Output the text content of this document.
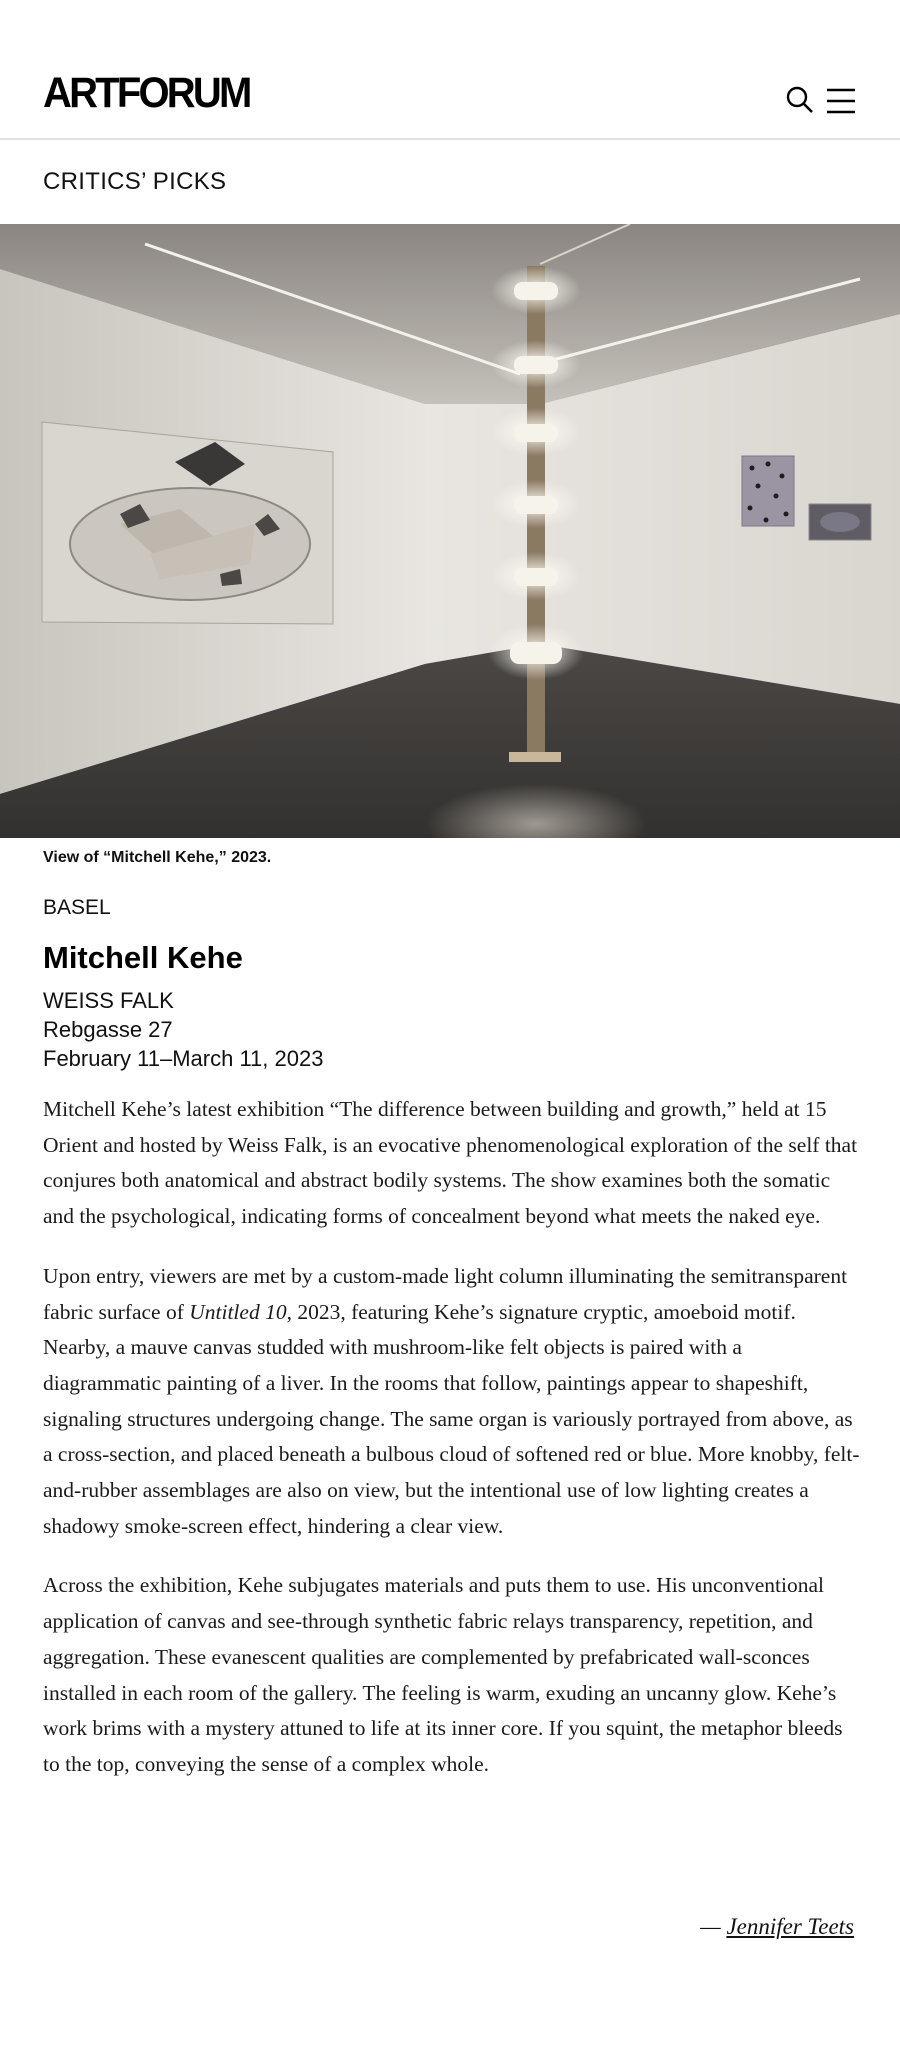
ARTFORUM
CRITICS’ PICKS
View of “Mitchell Kehe,” 2023.
BASEL
Mitchell Kehe
WEISS FALK
Rebgasse 27
February 11–March 11, 2023

Mitchell Kehe’s latest exhibition “The difference between building and growth,” held at 15 Orient and hosted by Weiss Falk, is an evocative phenomenological exploration of the self that conjures both anatomical and abstract bodily systems. The show examines both the somatic and the psychological, indicating forms of concealment beyond what meets the naked eye.

Upon entry, viewers are met by a custom-made light column illuminating the semitransparent fabric surface of Untitled 10, 2023, featuring Kehe’s signature cryptic, amoeboid motif. Nearby, a mauve canvas studded with mushroom-like felt objects is paired with a diagrammatic painting of a liver. In the rooms that follow, paintings appear to shapeshift, signaling structures undergoing change. The same organ is variously portrayed from above, as a cross-section, and placed beneath a bulbous cloud of softened red or blue. More knobby, felt-and-rubber assemblages are also on view, but the intentional use of low lighting creates a shadowy smoke-screen effect, hindering a clear view.

Across the exhibition, Kehe subjugates materials and puts them to use. His unconventional application of canvas and see-through synthetic fabric relays transparency, repetition, and aggregation. These evanescent qualities are complemented by prefabricated wall-sconces installed in each room of the gallery. The feeling is warm, exuding an uncanny glow. Kehe’s work brims with a mystery attuned to life at its inner core. If you squint, the metaphor bleeds to the top, conveying the sense of a complex whole.

— Jennifer Teets
